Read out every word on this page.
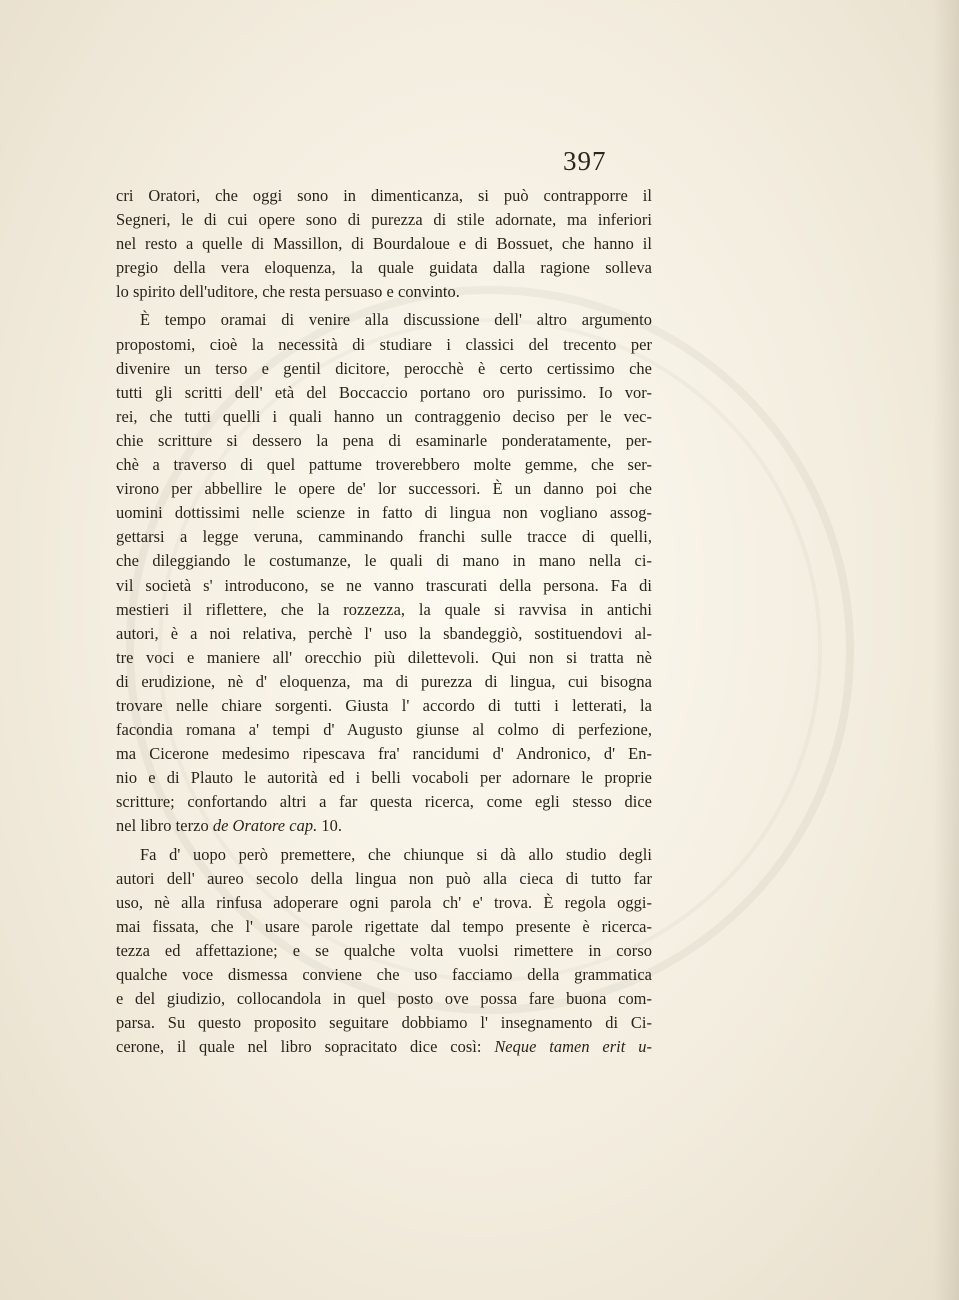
397
cri Oratori, che oggi sono in dimenticanza, si può contrapporre il
Segneri, le di cui opere sono di purezza di stile adornate, ma inferiori
nel resto a quelle di Massillon, di Bourdaloue e di Bossuet, che hanno il
pregio della vera eloquenza, la quale guidata dalla ragione solleva
lo spirito dell'uditore, che resta persuaso e convinto.
È tempo oramai di venire alla discussione dell' altro argumento
propostomi, cioè la necessità di studiare i classici del trecento per
divenire un terso e gentil dicitore, perocchè è certo certissimo che
tutti gli scritti dell' età del Boccaccio portano oro purissimo. Io vor-
rei, che tutti quelli i quali hanno un contraggenio deciso per le vec-
chie scritture si dessero la pena di esaminarle ponderatamente, per-
chè a traverso di quel pattume troverebbero molte gemme, che ser-
virono per abbellire le opere de' lor successori. È un danno poi che
uomini dottissimi nelle scienze in fatto di lingua non vogliano assog-
gettarsi a legge veruna, camminando franchi sulle tracce di quelli,
che dileggiando le costumanze, le quali di mano in mano nella ci-
vil società s' introducono, se ne vanno trascurati della persona. Fa di
mestieri il riflettere, che la rozzezza, la quale si ravvisa in antichi
autori, è a noi relativa, perchè l' uso la sbandeggiò, sostituendovi al-
tre voci e maniere all' orecchio più dilettevoli. Qui non si tratta nè
di erudizione, nè d' eloquenza, ma di purezza di lingua, cui bisogna
trovare nelle chiare sorgenti. Giusta l' accordo di tutti i letterati, la
facondia romana a' tempi d' Augusto giunse al colmo di perfezione,
ma Cicerone medesimo ripescava fra' rancidumi d' Andronico, d' En-
nio e di Plauto le autorità ed i belli vocaboli per adornare le proprie
scritture; confortando altri a far questa ricerca, come egli stesso dice
nel libro terzo de Oratore cap. 10.
Fa d' uopo però premettere, che chiunque si dà allo studio degli
autori dell' aureo secolo della lingua non può alla cieca di tutto far
uso, nè alla rinfusa adoperare ogni parola ch' e' trova. È regola oggi-
mai fissata, che l' usare parole rigettate dal tempo presente è ricerca-
tezza ed affettazione; e se qualche volta vuolsi rimettere in corso
qualche voce dismessa conviene che uso facciamo della grammatica
e del giudizio, collocandola in quel posto ove possa fare buona com-
parsa. Su questo proposito seguitare dobbiamo l' insegnamento di Ci-
cerone, il quale nel libro sopracitato dice così: Neque tamen erit u-
